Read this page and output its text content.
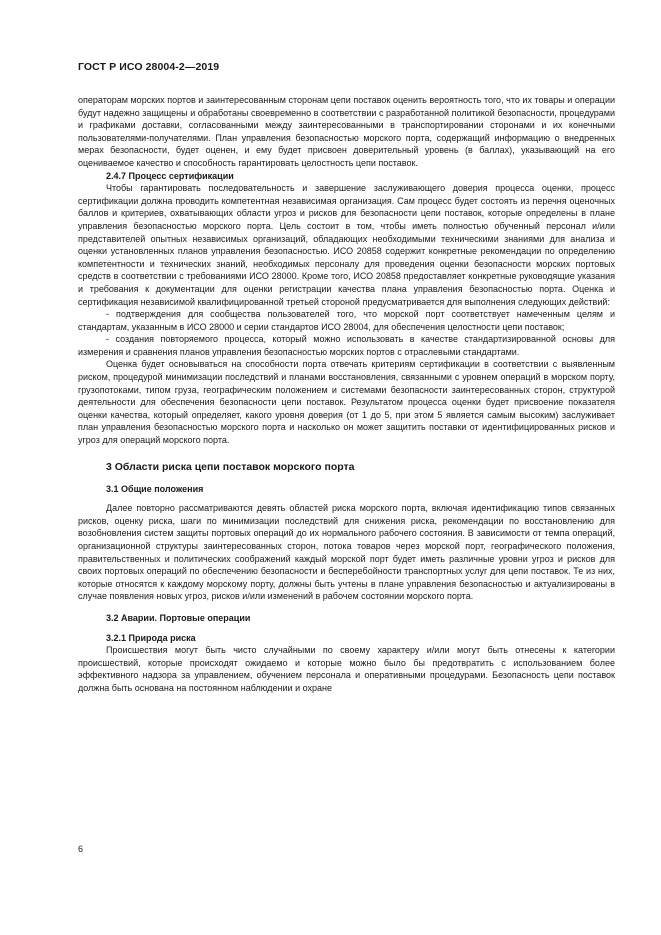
ГОСТ Р ИСО 28004-2—2019

операторам морских портов и заинтересованным сторонам цепи поставок оценить вероятность того, что их товары и операции будут надежно защищены и обработаны своевременно в соответствии с разработанной политикой безопасности, процедурами и графиками доставки, согласованными между заинтересованными в транспортировании сторонами и их конечными пользователями-получателями. План управления безопасностью морского порта, содержащий информацию о внедренных мерах безопасности, будет оценен, и ему будет присвоен доверительный уровень (в баллах), указывающий на его оцениваемое качество и способность гарантировать целостность цепи поставок.

2.4.7 Процесс сертификации

Чтобы гарантировать последовательность и завершение заслуживающего доверия процесса оценки, процесс сертификации должна проводить компетентная независимая организация. Сам процесс будет состоять из перечня оценочных баллов и критериев, охватывающих области угроз и рисков для безопасности цепи поставок, которые определены в плане управления безопасностью морского порта. Цель состоит в том, чтобы иметь полностью обученный персонал и/или представителей опытных независимых организаций, обладающих необходимыми техническими знаниями для анализа и оценки установленных планов управления безопасностью. ИСО 20858 содержит конкретные рекомендации по определению компетентности и технических знаний, необходимых персоналу для проведения оценки безопасности морских портовых средств в соответствии с требованиями ИСО 28000. Кроме того, ИСО 20858 предоставляет конкретные руководящие указания и требования к документации для оценки регистрации качества плана управления безопасностью порта. Оценка и сертификация независимой квалифицированной третьей стороной предусматривается для выполнения следующих действий:

- подтверждения для сообщества пользователей того, что морской порт соответствует намеченным целям и стандартам, указанным в ИСО 28000 и серии стандартов ИСО 28004, для обеспечения целостности цепи поставок;

- создания повторяемого процесса, который можно использовать в качестве стандартизированной основы для измерения и сравнения планов управления безопасностью морских портов с отраслевыми стандартами.

Оценка будет основываться на способности порта отвечать критериям сертификации в соответствии с выявленным риском, процедурой минимизации последствий и планами восстановления, связанными с уровнем операций в морском порту, грузопотоками, типом груза, географическим положением и системами безопасности заинтересованных сторон, структурой деятельности для обеспечения безопасности цепи поставок. Результатом процесса оценки будет присвоение показателя оценки качества, который определяет, какого уровня доверия (от 1 до 5, при этом 5 является самым высоким) заслуживает план управления безопасностью морского порта и насколько он может защитить поставки от идентифицированных рисков и угроз для операций морского порта.

3 Области риска цепи поставок морского порта

3.1 Общие положения

Далее повторно рассматриваются девять областей риска морского порта, включая идентификацию типов связанных рисков, оценку риска, шаги по минимизации последствий для снижения риска, рекомендации по восстановлению для возобновления систем защиты портовых операций до их нормального рабочего состояния. В зависимости от темпа операций, организационной структуры заинтересованных сторон, потока товаров через морской порт, географического положения, правительственных и политических соображений каждый морской порт будет иметь различные уровни угроз и рисков для своих портовых операций по обеспечению безопасности и бесперебойности транспортных услуг для цепи поставок. Те из них, которые относятся к каждому морскому порту, должны быть учтены в плане управления безопасностью и актуализированы в случае появления новых угроз, рисков и/или изменений в рабочем состоянии морского порта.

3.2 Аварии. Портовые операции

3.2.1 Природа риска

Происшествия могут быть чисто случайными по своему характеру и/или могут быть отнесены к категории происшествий, которые происходят ожидаемо и которые можно было бы предотвратить с использованием более эффективного надзора за управлением, обучением персонала и оперативными процедурами. Безопасность цепи поставок должна быть основана на постоянном наблюдении и охране

6
